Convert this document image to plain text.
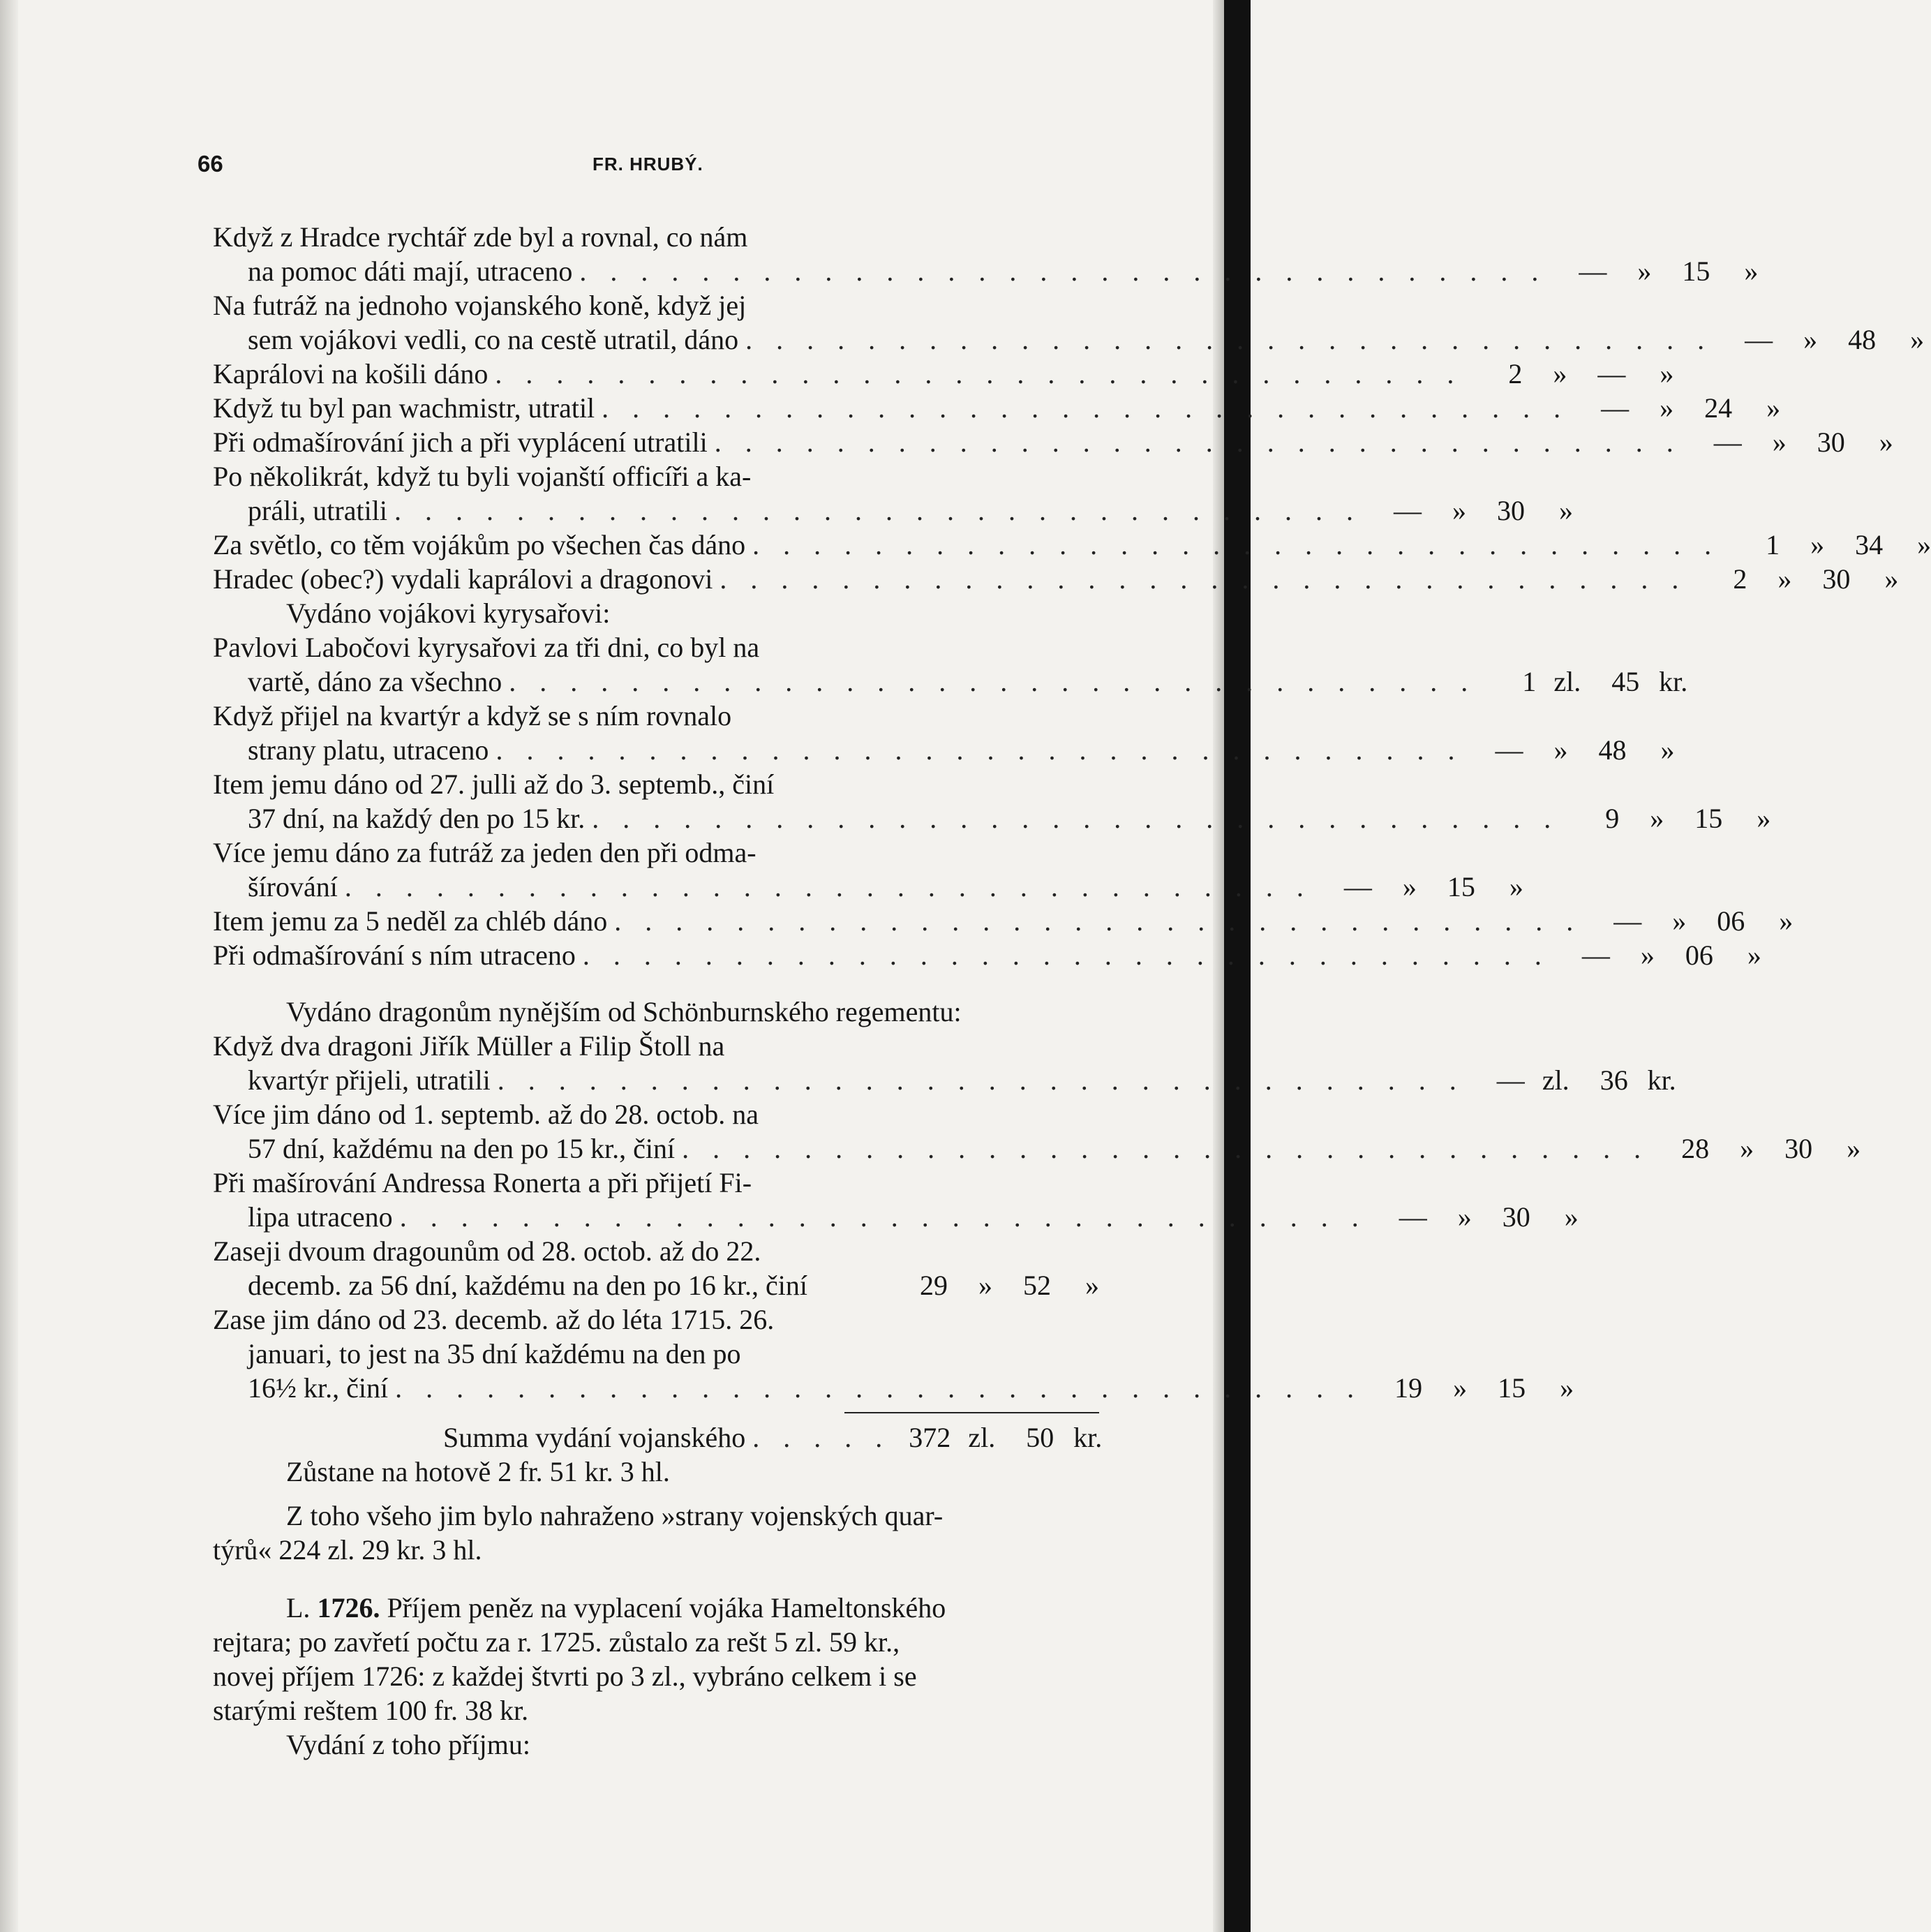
66	FR. HRUBÝ.
Když z Hradce rychtář zde byl a rovnal, co nám
na pomoc dáti mají, utraceno . . . . . . . . . . . . . . . . . . . . . . . . . . . . . . . .	—	»	15	»
Na futráž na jednoho vojanského koně, když jej
sem vojákovi vedli, co na cestě utratil, dáno . . . . . . . . . . . . . . . . . . . . . . . . . . . . . . . .	—	»	48	»
Kaprálovi na košili dáno . . . . . . . . . . . . . . . . . . . . . . . . . . . . . . . .	2	»	—	»
Když tu byl pan wachmistr, utratil . . . . . . . . . . . . . . . . . . . . . . . . . . . . . . . .	—	»	24	»
Při odmašírování jich a při vyplácení utratili . . . . . . . . . . . . . . . . . . . . . . . . . . . . . . . .	—	»	30	»
Po několikrát, když tu byli vojanští officíři a ka-
práli, utratili . . . . . . . . . . . . . . . . . . . . . . . . . . . . . . . .	—	»	30	»
Za světlo, co těm vojákům po všechen čas dáno . . . . . . . . . . . . . . . . . . . . . . . . . . . . . . . .	1	»	34	»
Hradec (obec?) vydali kaprálovi a dragonovi . . . . . . . . . . . . . . . . . . . . . . . . . . . . . . . .	2	»	30	»
Vydáno vojákovi kyrysařovi:
Pavlovi Labočovi kyrysařovi za tři dni, co byl na
vartě, dáno za všechno . . . . . . . . . . . . . . . . . . . . . . . . . . . . . . . .	1 zl.	45 kr.
Když přijel na kvartýr a když se s ním rovnalo
strany platu, utraceno . . . . . . . . . . . . . . . . . . . . . . . . . . . . . . . .	—	»	48	»
Item jemu dáno od 27. julli až do 3. septemb., činí
37 dní, na každý den po 15 kr. . . . . . . . . . . . . . . . . . . . . . . . . . . . . . . . .	9	»	15	»
Více jemu dáno za futráž za jeden den při odma-
šírování . . . . . . . . . . . . . . . . . . . . . . . . . . . . . . . .	—	»	15	»
Item jemu za 5 neděl za chléb dáno . . . . . . . . . . . . . . . . . . . . . . . . . . . . . . . .	—	»	06	»
Při odmašírování s ním utraceno . . . . . . . . . . . . . . . . . . . . . . . . . . . . . . . .	—	»	06	»
Vydáno dragonům nynějším od Schönburnského regementu:
Když dva dragoni Jiřík Müller a Filip Štoll na
kvartýr přijeli, utratili . . . . . . . . . . . . . . . . . . . . . . . . . . . . . . . .	— zl.	36 kr.
Více jim dáno od 1. septemb. až do 28. octob. na
57 dní, každému na den po 15 kr., činí . . . . . . . . . . . . . . . . . . . . . . . . . . . . . . . .	28	»	30	»
Při mašírování Andressa Ronerta a při přijetí Fi-
lipa utraceno . . . . . . . . . . . . . . . . . . . . . . . . . . . . . . . .	—	»	30	»
Zaseji dvoum dragounům od 28. octob. až do 22.
decemb. za 56 dní, každému na den po 16 kr., činí	29	»	52	»
Zase jim dáno od 23. decemb. až do léta 1715. 26.
januari, to jest na 35 dní každému na den po
16½ kr., činí . . . . . . . . . . . . . . . . . . . . . . . . . . . . . . . .	19	»	15	»
Summa vydání vojanského . . . . . 372 zl.	50 kr.
Zůstane na hotově 2 fr. 51 kr. 3 hl.
Z toho všeho jim bylo nahraženo »strany vojenských quar-
týrů« 224 zl. 29 kr. 3 hl.
L.
1726.
Příjem peněz na vyplacení vojáka Hameltonského
rejtara; po zavřetí počtu za r. 1725. zůstalo za rešt 5 zl. 59 kr.,
novej příjem 1726: z každej štvrti po 3 zl., vybráno celkem i se
starými reštem 100 fr. 38 kr.
Vydání z toho příjmu:
